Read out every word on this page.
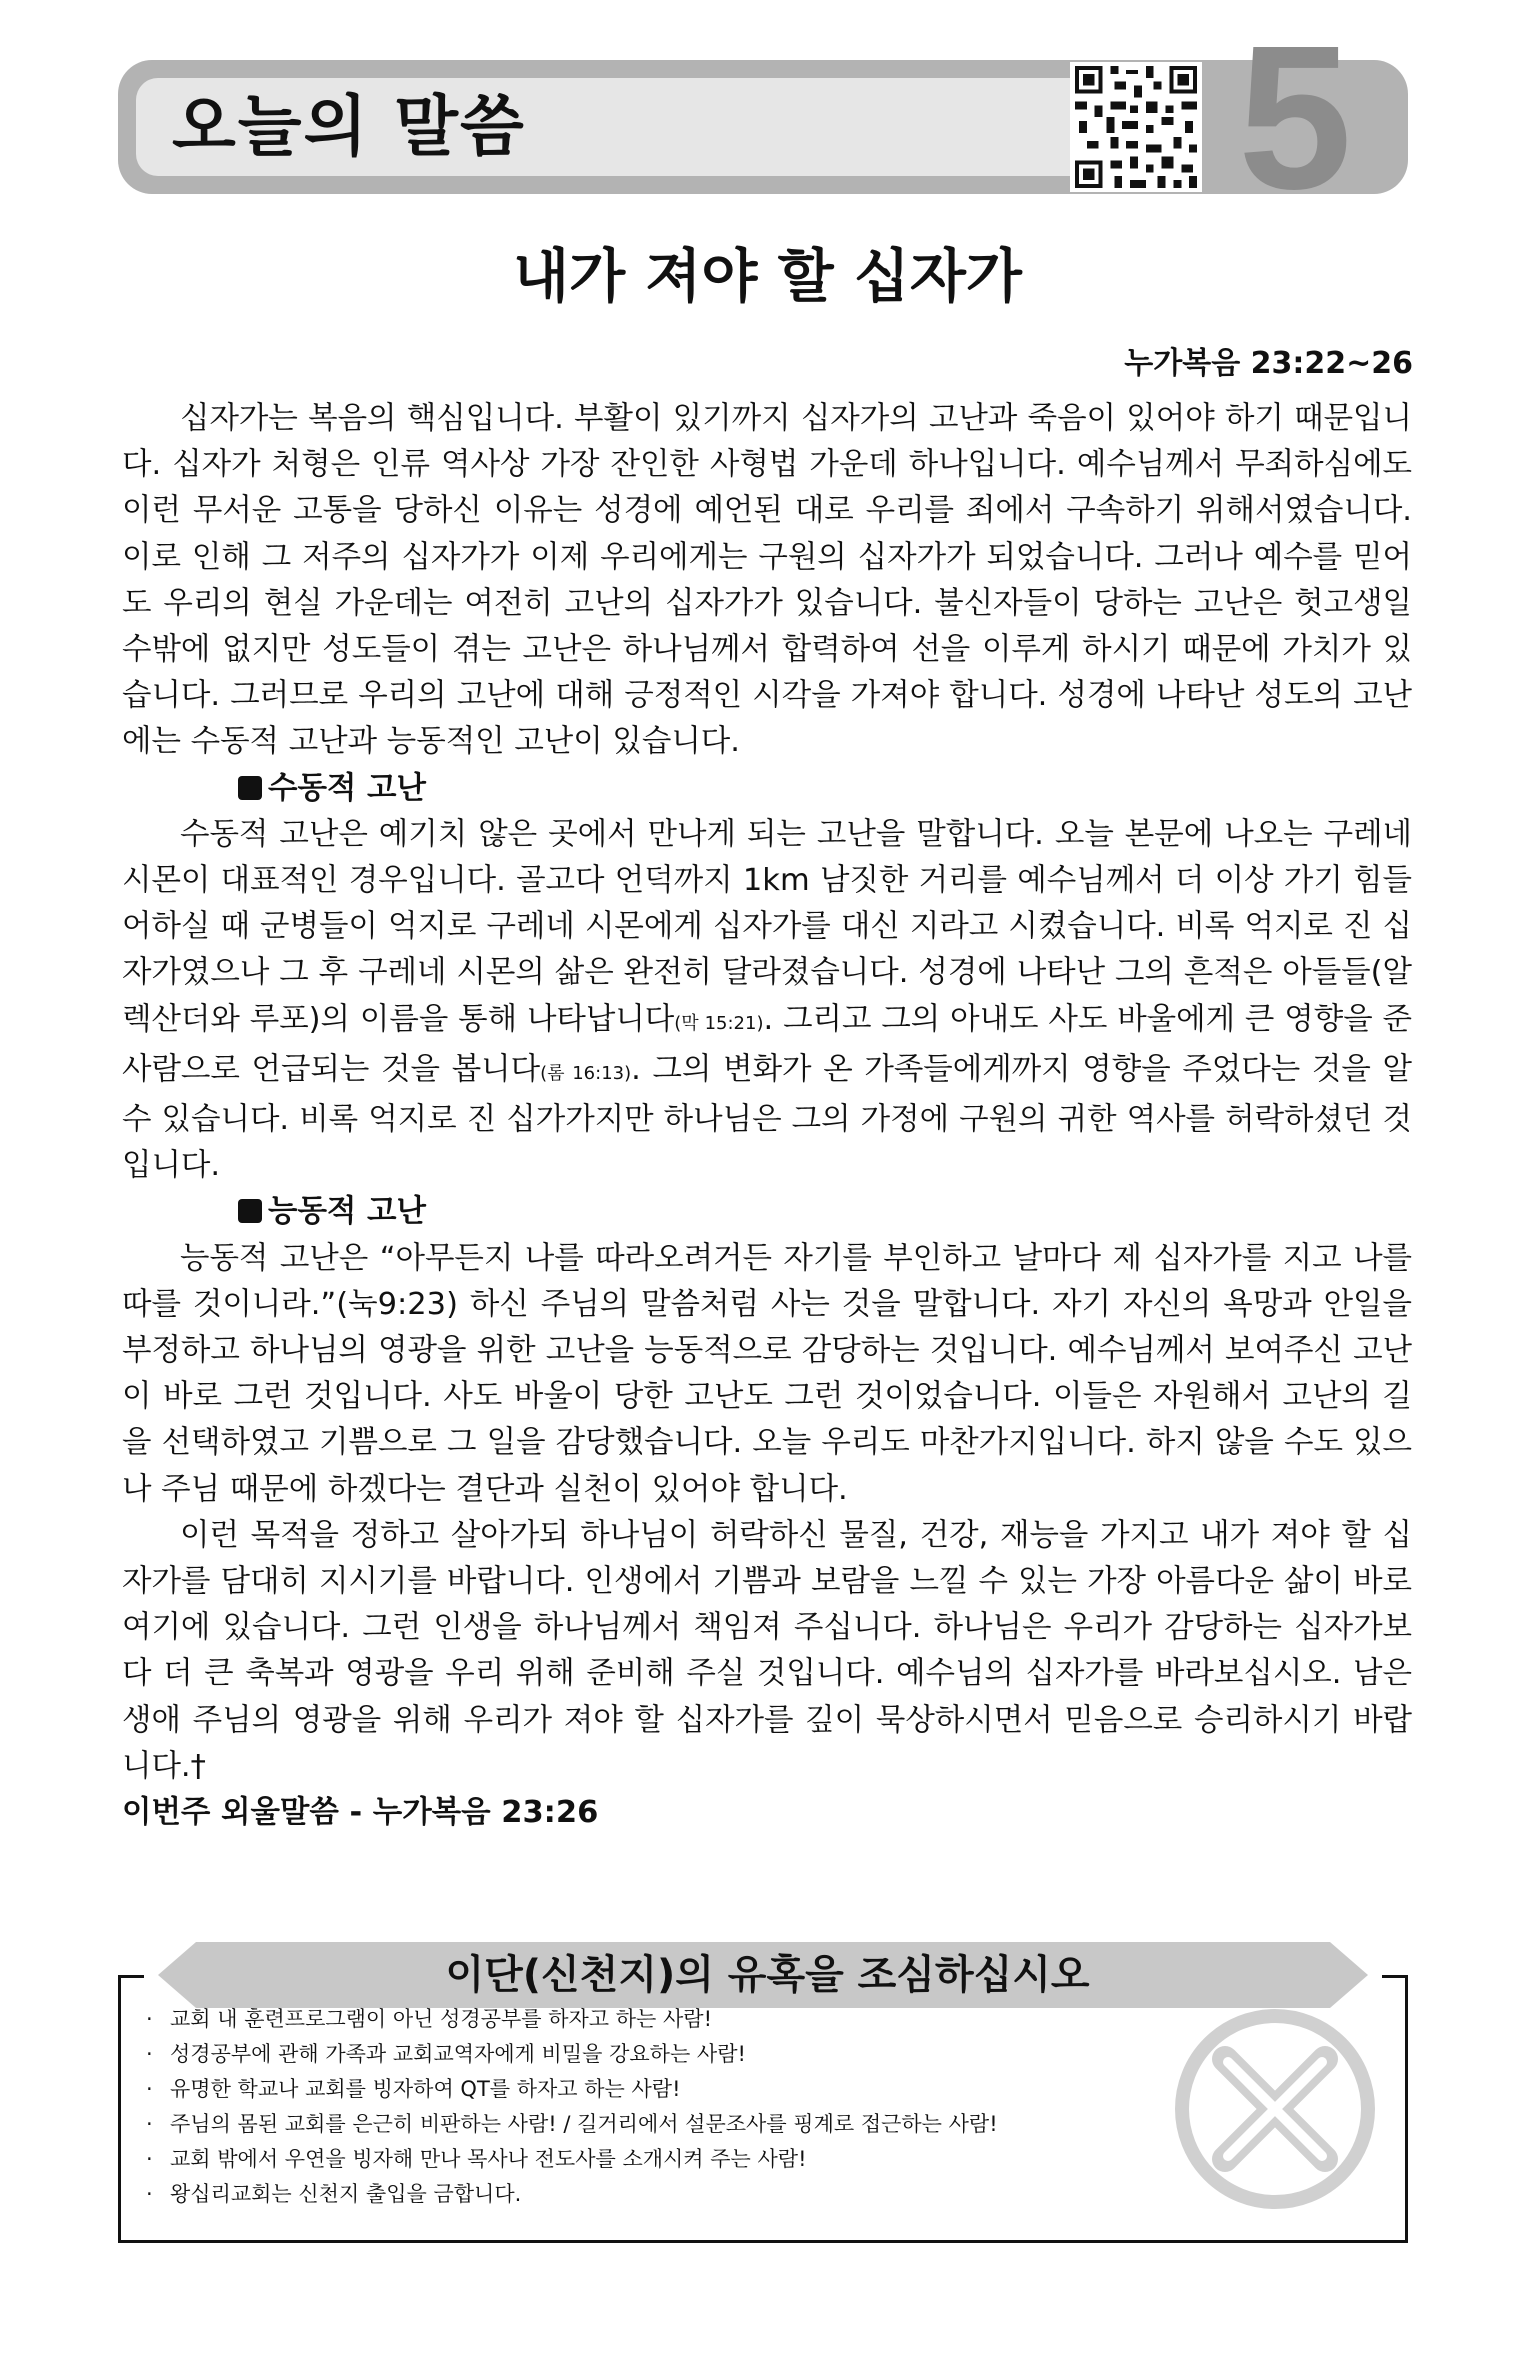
오늘의 말씀	5
내가 져야 할 십자가
누가복음 23:22~26

십자가는 복음의 핵심입니다. 부활이 있기까지 십자가의 고난과 죽음이 있어야 하기 때문입니다. 십자가 처형은 인류 역사상 가장 잔인한 사형법 가운데 하나입니다. 예수님께서 무죄하심에도 이런 무서운 고통을 당하신 이유는 성경에 예언된 대로 우리를 죄에서 구속하기 위해서였습니다. 이로 인해 그 저주의 십자가가 이제 우리에게는 구원의 십자가가 되었습니다. 그러나 예수를 믿어도 우리의 현실 가운데는 여전히 고난의 십자가가 있습니다. 불신자들이 당하는 고난은 헛고생일 수밖에 없지만 성도들이 겪는 고난은 하나님께서 합력하여 선을 이루게 하시기 때문에 가치가 있습니다. 그러므로 우리의 고난에 대해 긍정적인 시각을 가져야 합니다. 성경에 나타난 성도의 고난에는 수동적 고난과 능동적인 고난이 있습니다.

수동적 고난

수동적 고난은 예기치 않은 곳에서 만나게 되는 고난을 말합니다. 오늘 본문에 나오는 구레네 시몬이 대표적인 경우입니다. 골고다 언덕까지 1km 남짓한 거리를 예수님께서 더 이상 가기 힘들어하실 때 군병들이 억지로 구레네 시몬에게 십자가를 대신 지라고 시켰습니다. 비록 억지로 진 십자가였으나 그 후 구레네 시몬의 삶은 완전히 달라졌습니다. 성경에 나타난 그의 흔적은 아들들(알렉산더와 루포)의 이름을 통해 나타납니다(막 15:21). 그리고 그의 아내도 사도 바울에게 큰 영향을 준 사람으로 언급되는 것을 봅니다(롬 16:13). 그의 변화가 온 가족들에게까지 영향을 주었다는 것을 알 수 있습니다. 비록 억지로 진 십가가지만 하나님은 그의 가정에 구원의 귀한 역사를 허락하셨던 것입니다.

능동적 고난

능동적 고난은 “아무든지 나를 따라오려거든 자기를 부인하고 날마다 제 십자가를 지고 나를 따를 것이니라.”(눅9:23) 하신 주님의 말씀처럼 사는 것을 말합니다. 자기 자신의 욕망과 안일을 부정하고 하나님의 영광을 위한 고난을 능동적으로 감당하는 것입니다. 예수님께서 보여주신 고난이 바로 그런 것입니다. 사도 바울이 당한 고난도 그런 것이었습니다. 이들은 자원해서 고난의 길을 선택하였고 기쁨으로 그 일을 감당했습니다. 오늘 우리도 마찬가지입니다. 하지 않을 수도 있으나 주님 때문에 하겠다는 결단과 실천이 있어야 합니다.

이런 목적을 정하고 살아가되 하나님이 허락하신 물질, 건강, 재능을 가지고 내가 져야 할 십자가를 담대히 지시기를 바랍니다. 인생에서 기쁨과 보람을 느낄 수 있는 가장 아름다운 삶이 바로 여기에 있습니다. 그런 인생을 하나님께서 책임져 주십니다. 하나님은 우리가 감당하는 십자가보다 더 큰 축복과 영광을 우리 위해 준비해 주실 것입니다. 예수님의 십자가를 바라보십시오. 남은 생애 주님의 영광을 위해 우리가 져야 할 십자가를 깊이 묵상하시면서 믿음으로 승리하시기 바랍니다.†

이번주 외울말씀 - 누가복음 23:26

이단(신천지)의 유혹을 조심하십시오
· 교회 내 훈련프로그램이 아닌 성경공부를 하자고 하는 사람!
· 성경공부에 관해 가족과 교회교역자에게 비밀을 강요하는 사람!
· 유명한 학교나 교회를 빙자하여 QT를 하자고 하는 사람!
· 주님의 몸된 교회를 은근히 비판하는 사람! / 길거리에서 설문조사를 핑계로 접근하는 사람!
· 교회 밖에서 우연을 빙자해 만나 목사나 전도사를 소개시켜 주는 사람!
· 왕십리교회는 신천지 출입을 금합니다.
